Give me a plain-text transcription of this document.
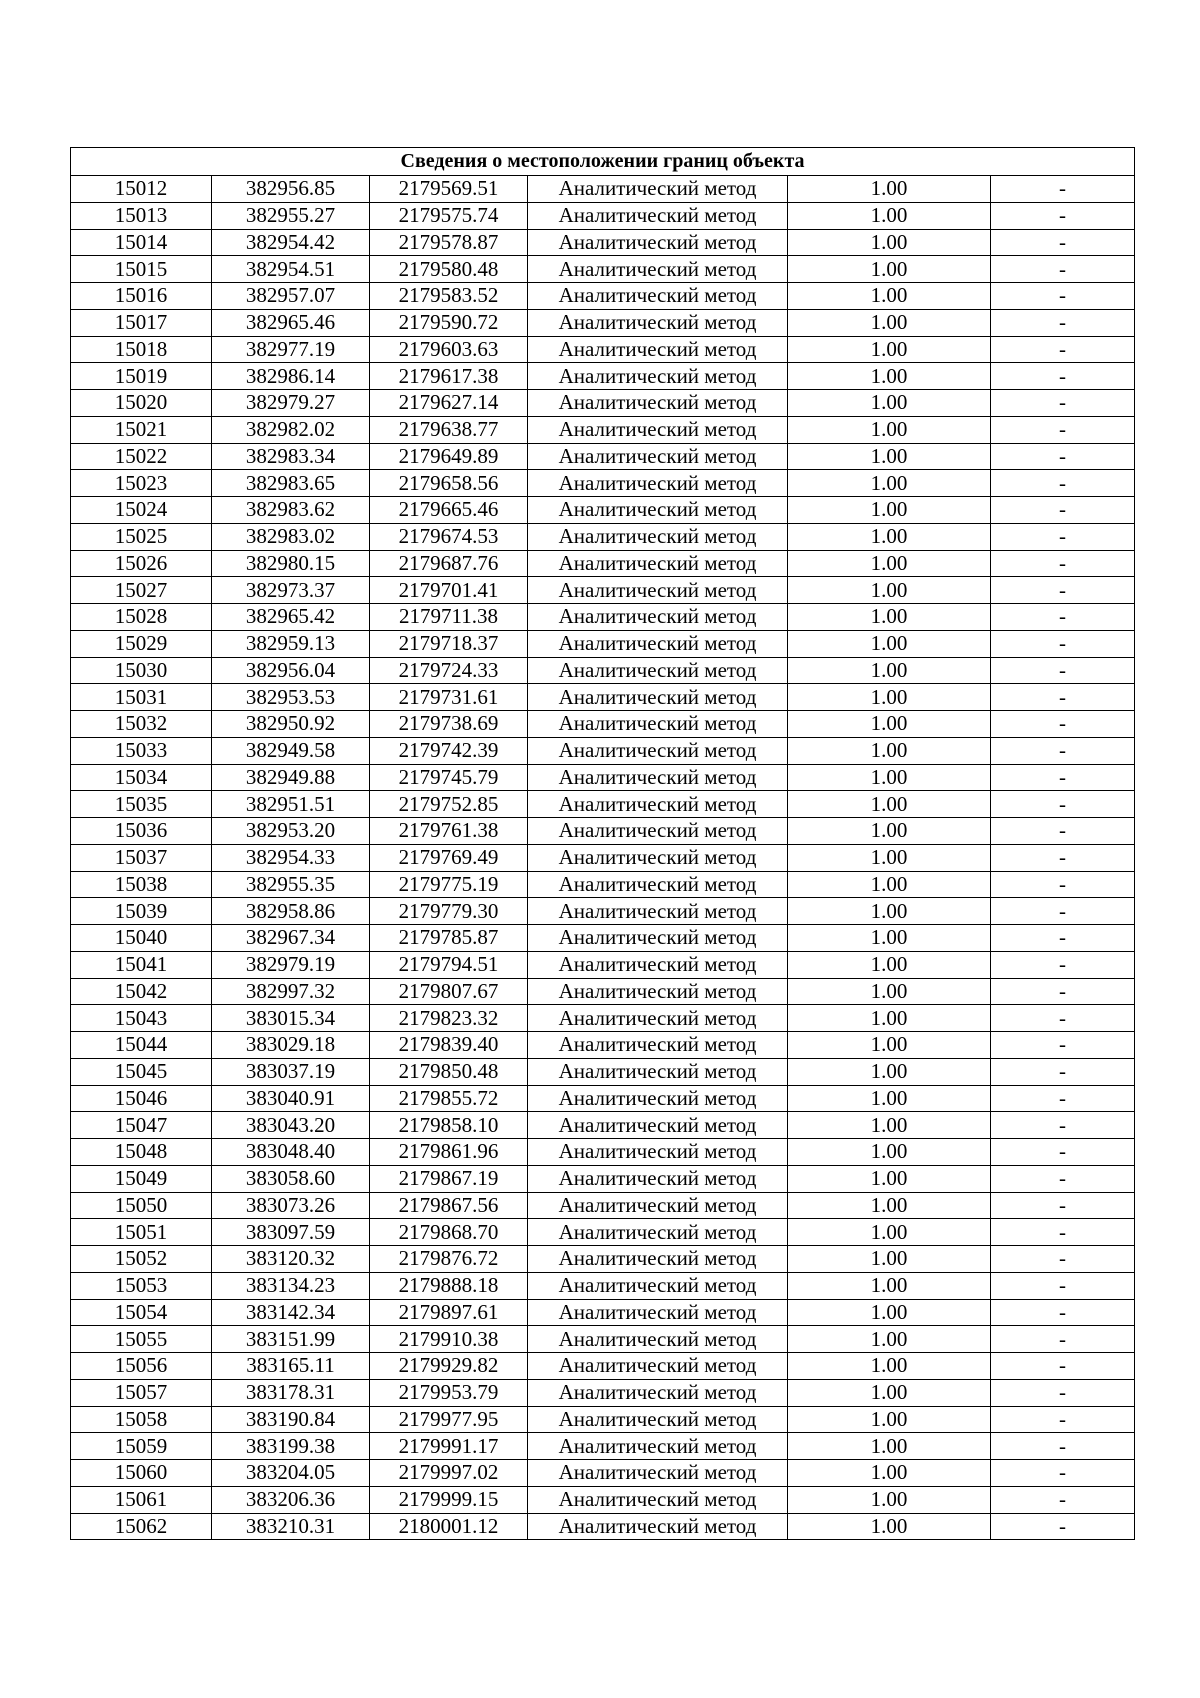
Сведения о местоположении границ объекта					
15012	382956.85	2179569.51	Аналитический метод	1.00	-
15013	382955.27	2179575.74	Аналитический метод	1.00	-
15014	382954.42	2179578.87	Аналитический метод	1.00	-
15015	382954.51	2179580.48	Аналитический метод	1.00	-
15016	382957.07	2179583.52	Аналитический метод	1.00	-
15017	382965.46	2179590.72	Аналитический метод	1.00	-
15018	382977.19	2179603.63	Аналитический метод	1.00	-
15019	382986.14	2179617.38	Аналитический метод	1.00	-
15020	382979.27	2179627.14	Аналитический метод	1.00	-
15021	382982.02	2179638.77	Аналитический метод	1.00	-
15022	382983.34	2179649.89	Аналитический метод	1.00	-
15023	382983.65	2179658.56	Аналитический метод	1.00	-
15024	382983.62	2179665.46	Аналитический метод	1.00	-
15025	382983.02	2179674.53	Аналитический метод	1.00	-
15026	382980.15	2179687.76	Аналитический метод	1.00	-
15027	382973.37	2179701.41	Аналитический метод	1.00	-
15028	382965.42	2179711.38	Аналитический метод	1.00	-
15029	382959.13	2179718.37	Аналитический метод	1.00	-
15030	382956.04	2179724.33	Аналитический метод	1.00	-
15031	382953.53	2179731.61	Аналитический метод	1.00	-
15032	382950.92	2179738.69	Аналитический метод	1.00	-
15033	382949.58	2179742.39	Аналитический метод	1.00	-
15034	382949.88	2179745.79	Аналитический метод	1.00	-
15035	382951.51	2179752.85	Аналитический метод	1.00	-
15036	382953.20	2179761.38	Аналитический метод	1.00	-
15037	382954.33	2179769.49	Аналитический метод	1.00	-
15038	382955.35	2179775.19	Аналитический метод	1.00	-
15039	382958.86	2179779.30	Аналитический метод	1.00	-
15040	382967.34	2179785.87	Аналитический метод	1.00	-
15041	382979.19	2179794.51	Аналитический метод	1.00	-
15042	382997.32	2179807.67	Аналитический метод	1.00	-
15043	383015.34	2179823.32	Аналитический метод	1.00	-
15044	383029.18	2179839.40	Аналитический метод	1.00	-
15045	383037.19	2179850.48	Аналитический метод	1.00	-
15046	383040.91	2179855.72	Аналитический метод	1.00	-
15047	383043.20	2179858.10	Аналитический метод	1.00	-
15048	383048.40	2179861.96	Аналитический метод	1.00	-
15049	383058.60	2179867.19	Аналитический метод	1.00	-
15050	383073.26	2179867.56	Аналитический метод	1.00	-
15051	383097.59	2179868.70	Аналитический метод	1.00	-
15052	383120.32	2179876.72	Аналитический метод	1.00	-
15053	383134.23	2179888.18	Аналитический метод	1.00	-
15054	383142.34	2179897.61	Аналитический метод	1.00	-
15055	383151.99	2179910.38	Аналитический метод	1.00	-
15056	383165.11	2179929.82	Аналитический метод	1.00	-
15057	383178.31	2179953.79	Аналитический метод	1.00	-
15058	383190.84	2179977.95	Аналитический метод	1.00	-
15059	383199.38	2179991.17	Аналитический метод	1.00	-
15060	383204.05	2179997.02	Аналитический метод	1.00	-
15061	383206.36	2179999.15	Аналитический метод	1.00	-
15062	383210.31	2180001.12	Аналитический метод	1.00	-
